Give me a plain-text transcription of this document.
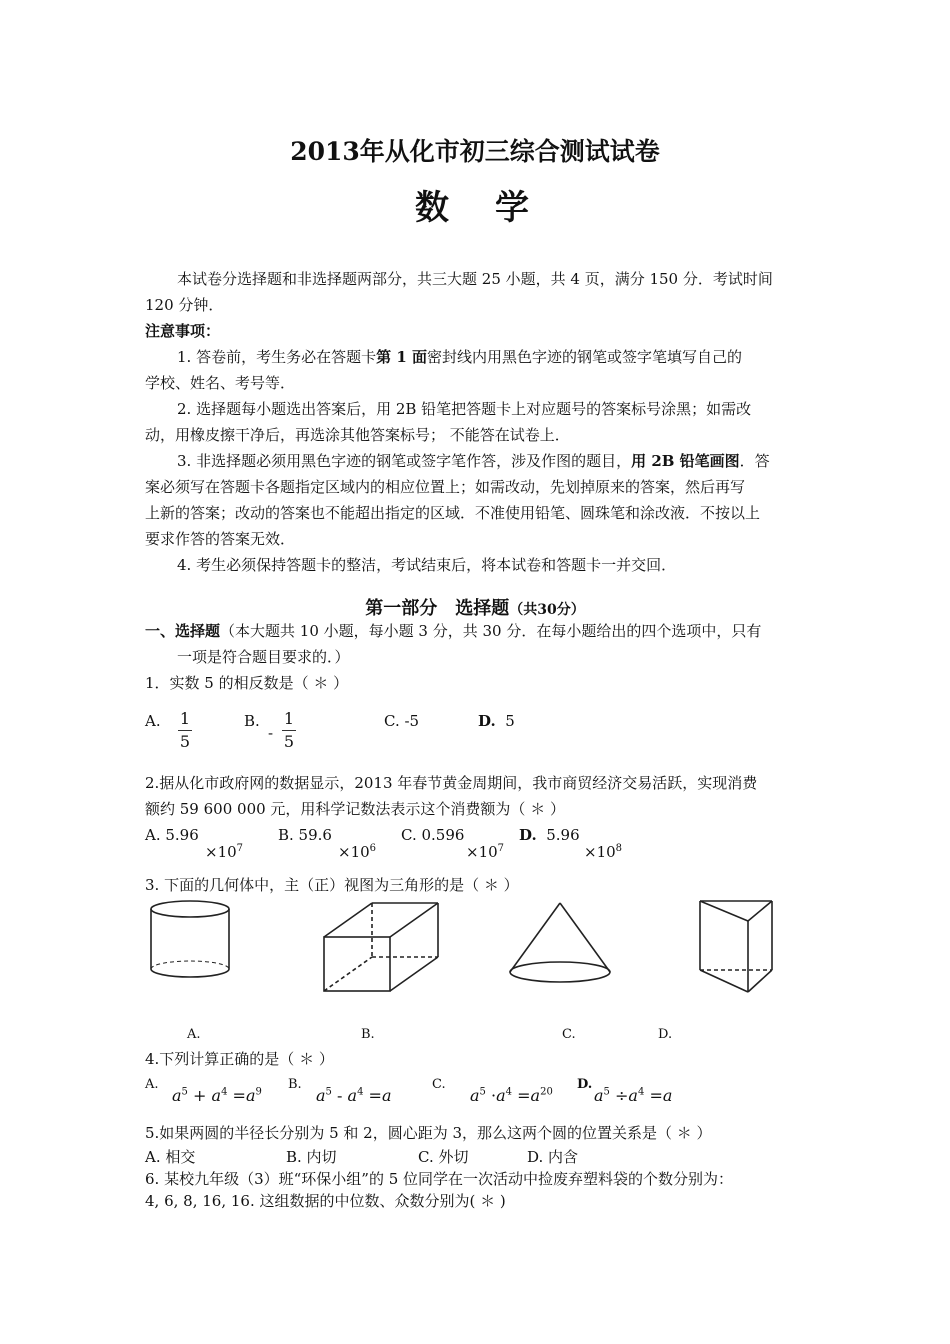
2013年从化市初三综合测试试卷
数　学
本试卷分选择题和非选择题两部分，共三大题 25 小题，共 4 页，满分 150 分．考试时间
120 分钟．
注意事项：
1. 答卷前，考生务必在答题卡第 1 面密封线内用黑色字迹的钢笔或签字笔填写自己的
学校、姓名、考号等．
2. 选择题每小题选出答案后，用 2B 铅笔把答题卡上对应题号的答案标号涂黑；如需改
动，用橡皮擦干净后，再选涂其他答案标号； 不能答在试卷上．
3. 非选择题必须用黑色字迹的钢笔或签字笔作答，涉及作图的题目，用 2B 铅笔画图．答
案必须写在答题卡各题指定区域内的相应位置上；如需改动，先划掉原来的答案，然后再写
上新的答案；改动的答案也不能超出指定的区域．不准使用铅笔、圆珠笔和涂改液．不按以上
要求作答的答案无效．
4. 考生必须保持答题卡的整洁，考试结束后，将本试卷和答题卡一并交回．
第一部分　选择题（共30分）
一、选择题（本大题共 10 小题，每小题 3 分，共 30 分．在每小题给出的四个选项中，只有
一项是符合题目要求的．）
1．实数 5 的相反数是（ ＊ ）
A. 1
5
B.
-
1
5
C. -5	D. 5
2.据从化市政府网的数据显示，2013 年春节黄金周期间，我市商贸经济交易活跃，实现消费
额约 59 600 000 元，用科学记数法表示这个消费额为（ ＊ ）
A. 5.96
$\times 10^7$
B. 59.6
$\times 10^6$
C. 0.596
$\times 10^7$
D. 5.96
$\times 10^8$
3. 下面的几何体中，主（正）视图为三角形的是（ ＊ ）
A.	B.	C.	D.
4.下列计算正确的是（ ＊ ）
A.
$a^5 + a^4 =a^9$
B.
$a^5 - a^4 =a$
C.
$a^5 \cdot a^4 =a^{20}$
D.
$a^5 \div a^4 =a$
5.如果两圆的半径长分别为 5 和 2，圆心距为 3，那么这两个圆的位置关系是（ ＊ ）
A. 相交	B. 内切	C. 外切	D. 内含
6. 某校九年级（3）班“环保小组”的 5 位同学在一次活动中捡废弃塑料袋的个数分别为：
4, 6, 8, 16, 16. 这组数据的中位数、众数分别为( ＊ )
